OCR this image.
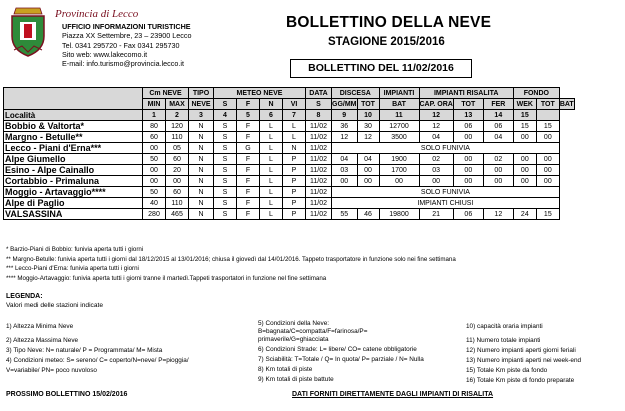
Provincia di Lecco
UFFICIO INFORMAZIONI TURISTICHE
Piazza XX Settembre, 23 – 23900 Lecco
Tel. 0341 295720 - Fax 0341 295730
Sito web: www.lakecomo.it
E-mail: info.turismo@provincia.lecco.it
BOLLETTINO DELLA NEVE
STAGIONE 2015/2016
BOLLETTINO DEL 11/02/2016
	Cm NEVE		TIPO	METEO NEVE				DATA	DISCESA		IMPIANTI	IMPIANTI RISALITA			FONDO		
	MIN	MAX	NEVE	S	F	N	VI	S	GG/MM	TOT	BAT	CAP. ORA	TOT	FER	WEK	TOT	BAT
Località	1	2	3	4	5	6	7	8	9	10	11	12	13	14	15		
Bobbio & Valtorta*	80	120	N	S	F	L	L	11/02	36	30	12700	12	06	06	15	15	
Margno - Betulle**	60	110	N	S	F	L	L	11/02	12	12	3500	04	00	04	00	00	
Lecco - Piani d'Erna***	00	05	N	S	G	L	N	11/02	SOLO FUNIVIA								
Alpe Giumello	50	60	N	S	F	L	P	11/02	04	04	1900	02	00	02	00	00	
Esino - Alpe Cainallo	00	20	N	S	F	L	P	11/02	03	00	1700	03	00	00	00	00	
Cortabbio - Primaluna	00	00	N	S	F	L	P	11/02	00	00	00	00	00	00	00	00	
Moggio - Artavaggio****	50	60	N	S	F	L	P	11/02	SOLO FUNIVIA								
Alpe di Paglio	40	110	N	S	F	L	P	11/02	IMPIANTI CHIUSI								
VALSASSINA	280	465	N	S	F	L	P	11/02	55	46	19800	21	06	12	24	15	
* Barzio-Piani di Bobbio: funivia aperta tutti i giorni
** Margno-Betulle: funivia aperta tutti i giorni dal 18/12/2015 al 13/01/2016; chiusa il giovedì dal 14/01/2016. Tappeto trasportatore in funzione solo nei fine settimana
*** Lecco-Piani d'Erna: funivia aperta tutti i giorni
**** Moggio-Artavaggio: funivia aperta tutti i giorni tranne il martedì.Tappeti trasportatori in funzione nel fine settimana
LEGENDA:
Valori medi delle stazioni indicate
1) Altezza Minima Neve
2) Altezza Massima Neve
3) Tipo Neve: N= naturale/ P = Programmata/ M= Mista
4) Condizioni meteo: S= sereno/ C= coperto/N=neve/ P=pioggia/
V=variabile/ PN= poco nuvoloso
5) Condizioni della Neve:
B=bagnata/C=compatta/F=farinosa/P=
primaverile/G=ghiacciata
6) Condizioni Strade: L= libere/ CO= catene obbligatorie
7) Sciabilità: T=Totale / Q= In quota/ P= parziale / N= Nulla
8) Km totali di piste
9) Km totali di piste battute
10) capacità oraria impianti
11) Numero totale impianti
12) Numero impianti aperti giorni feriali
13) Numero impianti aperti nei week-end
15) Totale Km piste da fondo
16) Totale Km piste di fondo preparate
PROSSIMO BOLLETTINO 15/02/2016	DATI FORNITI DIRETTAMENTE DAGLI IMPIANTI DI RISALITA
